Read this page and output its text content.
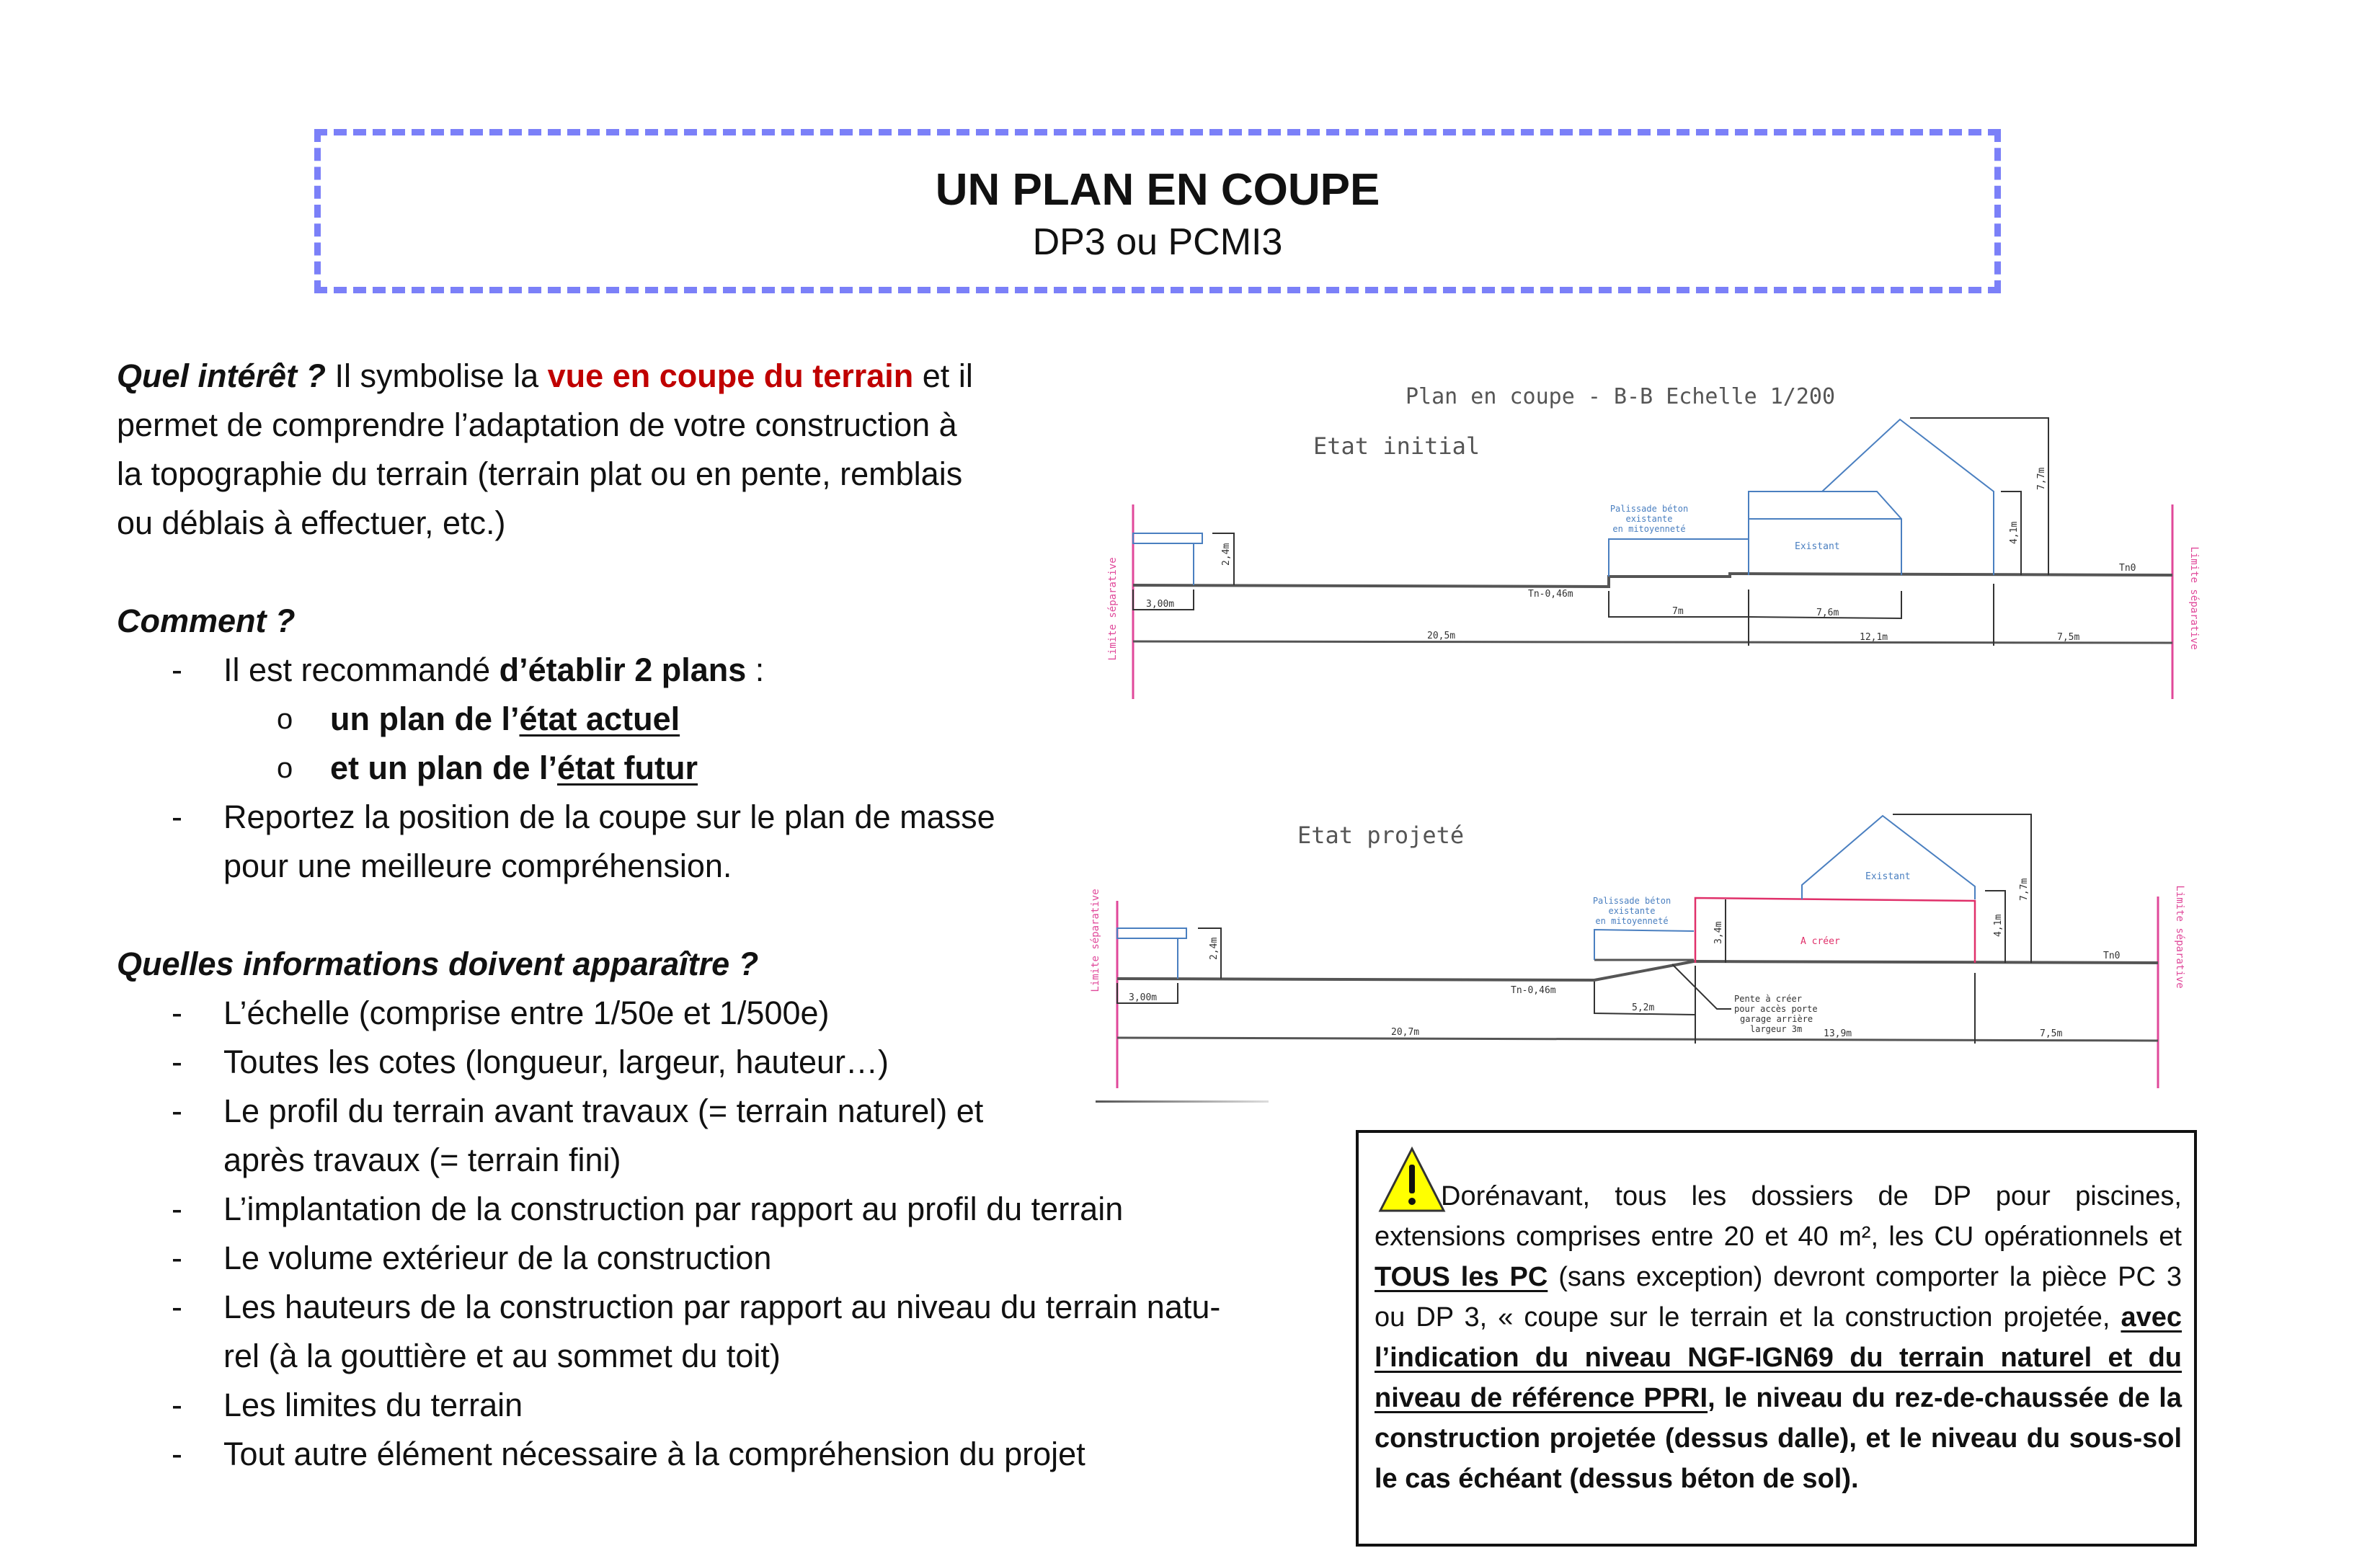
UN PLAN EN COUPE
DP3 ou PCMI3
Quel intérêt ? Il symbolise la vue en coupe du terrain et il
permet de comprendre l’adaptation de votre construction à
la topographie du terrain (terrain plat ou en pente, remblais
ou déblais à effectuer, etc.)
Comment ?
- Il est recommandé d’établir 2 plans :
o un plan de l’état actuel
o et un plan de l’état futur
- Reportez la position de la coupe sur le plan de masse
pour une meilleure compréhension.
Quelles informations doivent apparaître ?
- L’échelle (comprise entre 1/50e et 1/500e)
- Toutes les cotes (longueur, largeur, hauteur…)
- Le profil du terrain avant travaux (= terrain naturel) et
après travaux (= terrain fini)
- L’implantation de la construction par rapport au profil du terrain
- Le volume extérieur de la construction
- Les hauteurs de la construction par rapport au niveau du terrain natu-
rel (à la gouttière et au sommet du toit)
- Les limites du terrain
- Tout autre élément nécessaire à la compréhension du projet
Plan en coupe - B-B Echelle 1/200
Etat initial
Limite séparative	Limite séparative
2,4m
3,00m
Tn-0,46m
Palissade béton
existante
en mitoyenneté
Existant
4,1m
7,7m
Tn0
7m	7,6m
20,5m	12,1m	7,5m
Etat projeté
Limite séparative	Limite séparative
2,4m
3,00m
Tn-0,46m
Palissade béton
existante
en mitoyenneté
A créer
3,4m
Existant
4,1m
7,7m
Tn0
Pente à créer
pour accès porte
garage arrière
largeur 3m
5,2m
20,7m	13,9m	7,5m
Dorénavant, tous les dossiers de DP pour piscines, extensions comprises entre 20 et 40 m², les CU opérationnels et TOUS les PC (sans exception) devront comporter la pièce PC 3 ou DP 3, « coupe sur le terrain et la construction projetée, avec l’indication du niveau NGF-IGN69 du terrain naturel et du niveau de référence PPRI, le niveau du rez-de-chaussée de la construction projetée (dessus dalle), et le niveau du sous-sol le cas échéant (dessus béton de sol).
